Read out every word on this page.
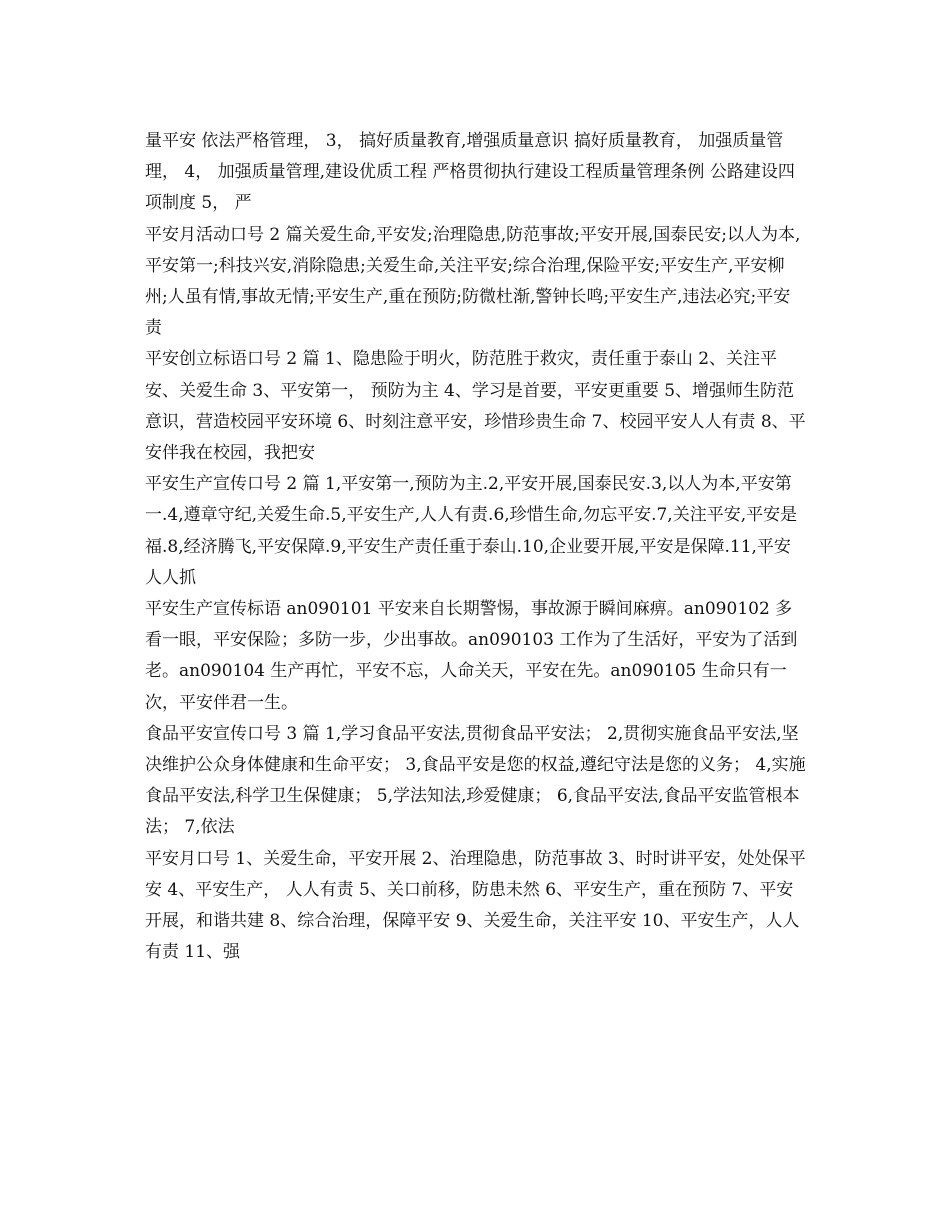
量平安 依法严格管理， 3， 搞好质量教育,增强质量意识 搞好质量教育， 加强质量管理， 4， 加强质量管理,建设优质工程 严格贯彻执行建设工程质量管理条例 公路建设四项制度 5， 严

平安月活动口号 2 篇关爱生命,平安发;治理隐患,防范事故;平安开展,国泰民安;以人为本,平安第一;科技兴安,消除隐患;关爱生命,关注平安;综合治理,保险平安;平安生产,平安柳州;人虽有情,事故无情;平安生产,重在预防;防微杜渐,警钟长鸣;平安生产,违法必究;平安责

平安创立标语口号 2 篇 1、隐患险于明火，防范胜于救灾，责任重于泰山 2、关注平安、关爱生命 3、平安第一， 预防为主 4、学习是首要，平安更重要 5、增强师生防范意识，营造校园平安环境 6、时刻注意平安，珍惜珍贵生命 7、校园平安人人有责 8、平安伴我在校园，我把安

平安生产宣传口号 2 篇 1,平安第一,预防为主.2,平安开展,国泰民安.3,以人为本,平安第一.4,遵章守纪,关爱生命.5,平安生产,人人有责.6,珍惜生命,勿忘平安.7,关注平安,平安是福.8,经济腾飞,平安保障.9,平安生产责任重于泰山.10,企业要开展,平安是保障.11,平安人人抓

平安生产宣传标语 an090101 平安来自长期警惕，事故源于瞬间麻痹。an090102 多看一眼，平安保险；多防一步，少出事故。an090103 工作为了生活好，平安为了活到老。an090104 生产再忙，平安不忘，人命关天，平安在先。an090105 生命只有一次，平安伴君一生。

食品平安宣传口号 3 篇 1,学习食品平安法,贯彻食品平安法； 2,贯彻实施食品平安法,坚决维护公众身体健康和生命平安； 3,食品平安是您的权益,遵纪守法是您的义务； 4,实施食品平安法,科学卫生保健康； 5,学法知法,珍爱健康； 6,食品平安法,食品平安监管根本法； 7,依法

平安月口号 1、关爱生命，平安开展 2、治理隐患，防范事故 3、时时讲平安，处处保平安 4、平安生产， 人人有责 5、关口前移，防患未然 6、平安生产，重在预防 7、平安开展，和谐共建 8、综合治理，保障平安 9、关爱生命，关注平安 10、平安生产，人人有责 11、强
